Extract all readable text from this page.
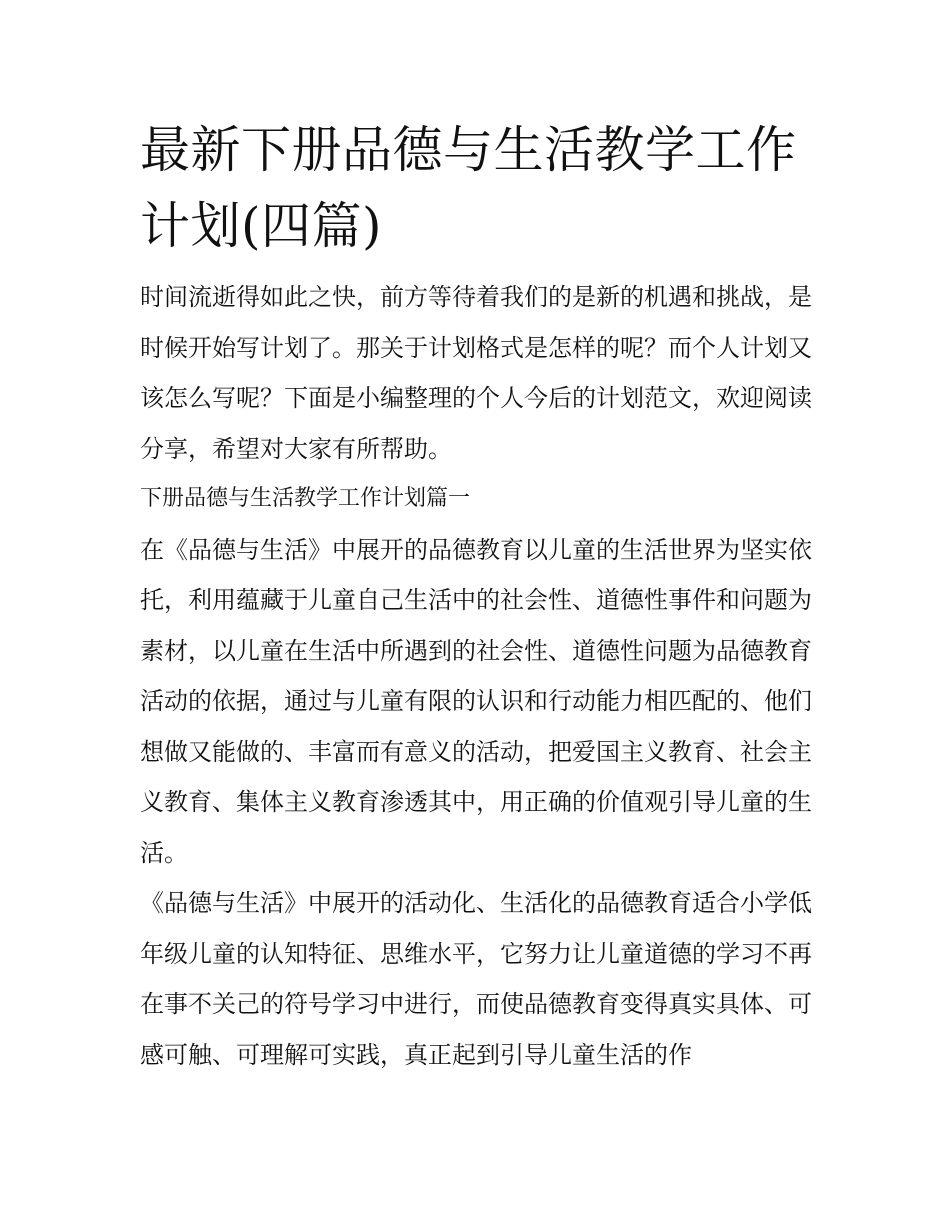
最新下册品德与生活教学工作计划(四篇)

时间流逝得如此之快，前方等待着我们的是新的机遇和挑战，是时候开始写计划了。那关于计划格式是怎样的呢？而个人计划又该怎么写呢？下面是小编整理的个人今后的计划范文，欢迎阅读分享，希望对大家有所帮助。

下册品德与生活教学工作计划篇一

在《品德与生活》中展开的品德教育以儿童的生活世界为坚实依托，利用蕴藏于儿童自己生活中的社会性、道德性事件和问题为素材，以儿童在生活中所遇到的社会性、道德性问题为品德教育活动的依据，通过与儿童有限的认识和行动能力相匹配的、他们想做又能做的、丰富而有意义的活动，把爱国主义教育、社会主义教育、集体主义教育渗透其中，用正确的价值观引导儿童的生活。

《品德与生活》中展开的活动化、生活化的品德教育适合小学低年级儿童的认知特征、思维水平，它努力让儿童道德的学习不再在事不关己的符号学习中进行，而使品德教育变得真实具体、可感可触、可理解可实践，真正起到引导儿童生活的作
